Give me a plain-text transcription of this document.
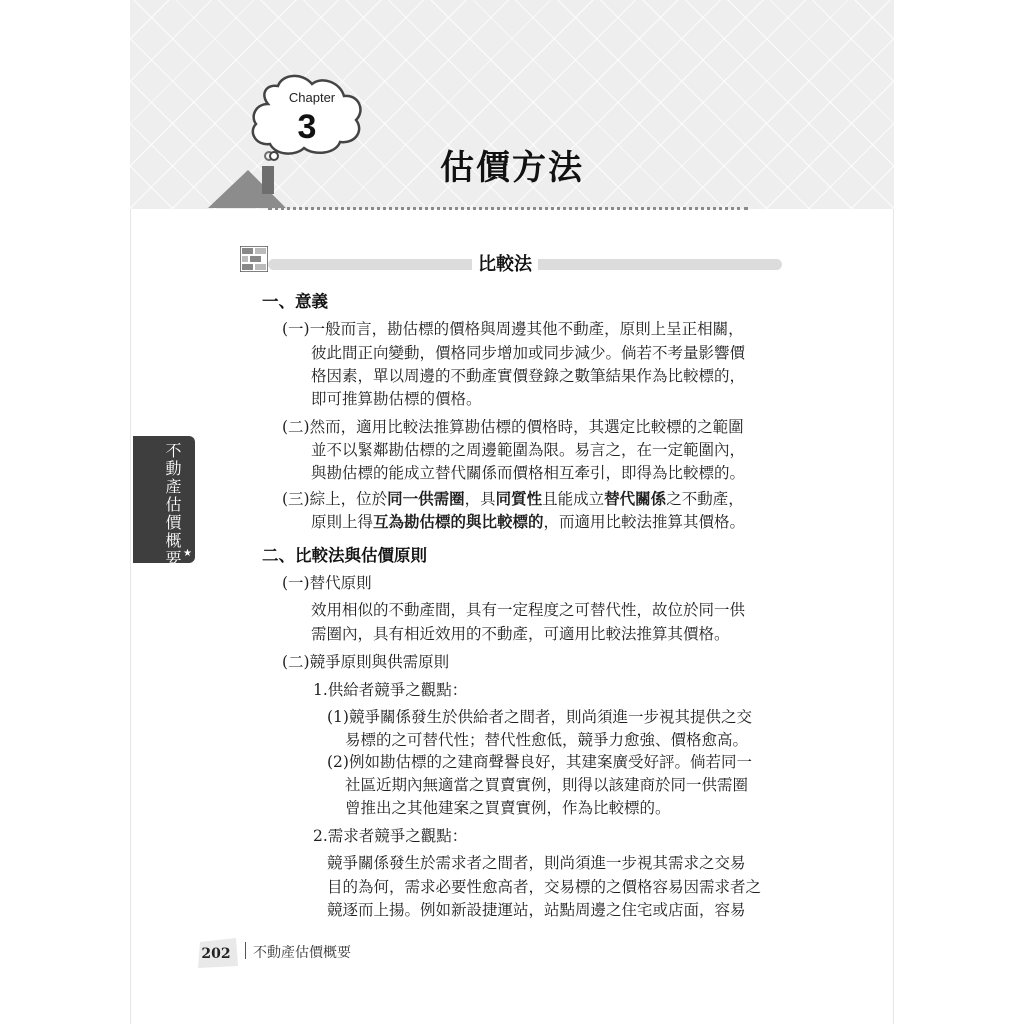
Chapter
3
估價方法
比較法
不動產估價概要 ★
一、意義
(一)一般而言，勘估標的價格與周邊其他不動產，原則上呈正相關，
彼此間正向變動，價格同步增加或同步減少。倘若不考量影響價
格因素，單以周邊的不動產實價登錄之數筆結果作為比較標的，
即可推算勘估標的價格。
(二)然而，適用比較法推算勘估標的價格時，其選定比較標的之範圍
並不以緊鄰勘估標的之周邊範圍為限。易言之，在一定範圍內，
與勘估標的能成立替代關係而價格相互牽引，即得為比較標的。
(三)綜上，位於同一供需圈，具同質性且能成立替代關係之不動產，
原則上得互為勘估標的與比較標的，而適用比較法推算其價格。
二、比較法與估價原則
(一)替代原則
效用相似的不動產間，具有一定程度之可替代性，故位於同一供
需圈內，具有相近效用的不動產，可適用比較法推算其價格。
(二)競爭原則與供需原則
1.供給者競爭之觀點：
(1)競爭關係發生於供給者之間者，則尚須進一步視其提供之交
易標的之可替代性；替代性愈低，競爭力愈強、價格愈高。
(2)例如勘估標的之建商聲譽良好，其建案廣受好評。倘若同一
社區近期內無適當之買賣實例，則得以該建商於同一供需圈
曾推出之其他建案之買賣實例，作為比較標的。
2.需求者競爭之觀點：
競爭關係發生於需求者之間者，則尚須進一步視其需求之交易
目的為何，需求必要性愈高者，交易標的之價格容易因需求者之
競逐而上揚。例如新設捷運站，站點周邊之住宅或店面，容易
202 不動產估價概要
